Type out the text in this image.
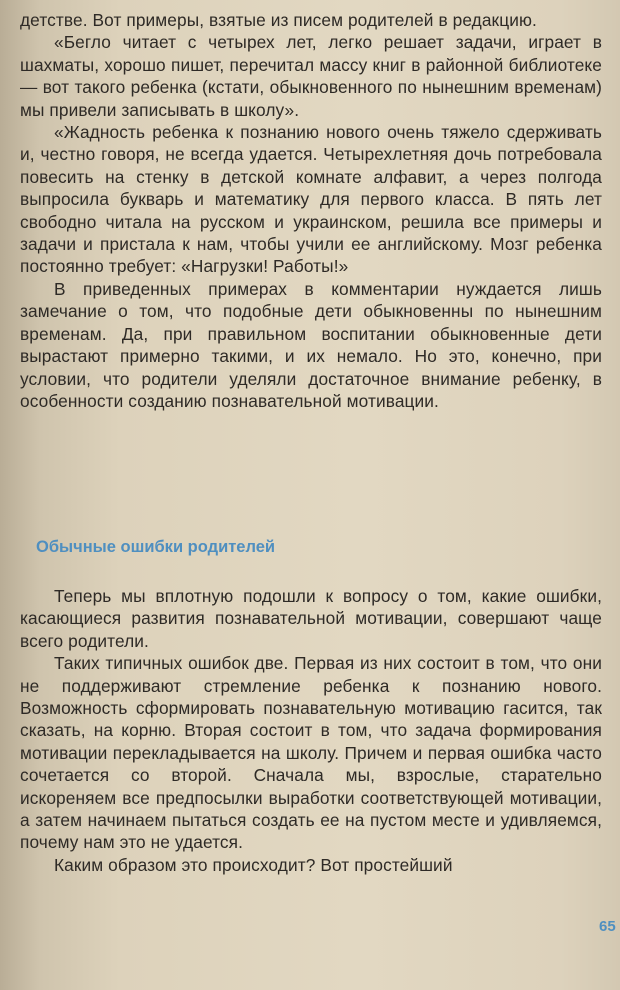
детстве. Вот примеры, взятые из писем родителей в редакцию.

«Бегло читает с четырех лет, легко решает задачи, играет в шахматы, хорошо пишет, перечитал массу книг в районной библиотеке — вот такого ребенка (кстати, обыкновенного по нынешним временам) мы привели записывать в школу».

«Жадность ребенка к познанию нового очень тяжело сдерживать и, честно говоря, не всегда удается. Четырехлетняя дочь потребовала повесить на стенку в детской комнате алфавит, а через полгода выпросила букварь и математику для первого класса. В пять лет свободно читала на русском и украинском, решила все примеры и задачи и пристала к нам, чтобы учили ее английскому. Мозг ребенка постоянно требует: «Нагрузки! Работы!»

В приведенных примерах в комментарии нуждается лишь замечание о том, что подобные дети обыкновенны по нынешним временам. Да, при правильном воспитании обыкновенные дети вырастают примерно такими, и их немало. Но это, конечно, при условии, что родители уделяли достаточное внимание ребенку, в особенности созданию познавательной мотивации.

Обычные ошибки родителей

Теперь мы вплотную подошли к вопросу о том, какие ошибки, касающиеся развития познавательной мотивации, совершают чаще всего родители.

Таких типичных ошибок две. Первая из них состоит в том, что они не поддерживают стремление ребенка к познанию нового. Возможность сформировать познавательную мотивацию гасится, так сказать, на корню. Вторая состоит в том, что задача формирования мотивации перекладывается на школу. Причем и первая ошибка часто сочетается со второй. Сначала мы, взрослые, старательно искореняем все предпосылки выработки соответствующей мотивации, а затем начинаем пытаться создать ее на пустом месте и удивляемся, почему нам это не удается.

Каким образом это происходит? Вот простейший

65
